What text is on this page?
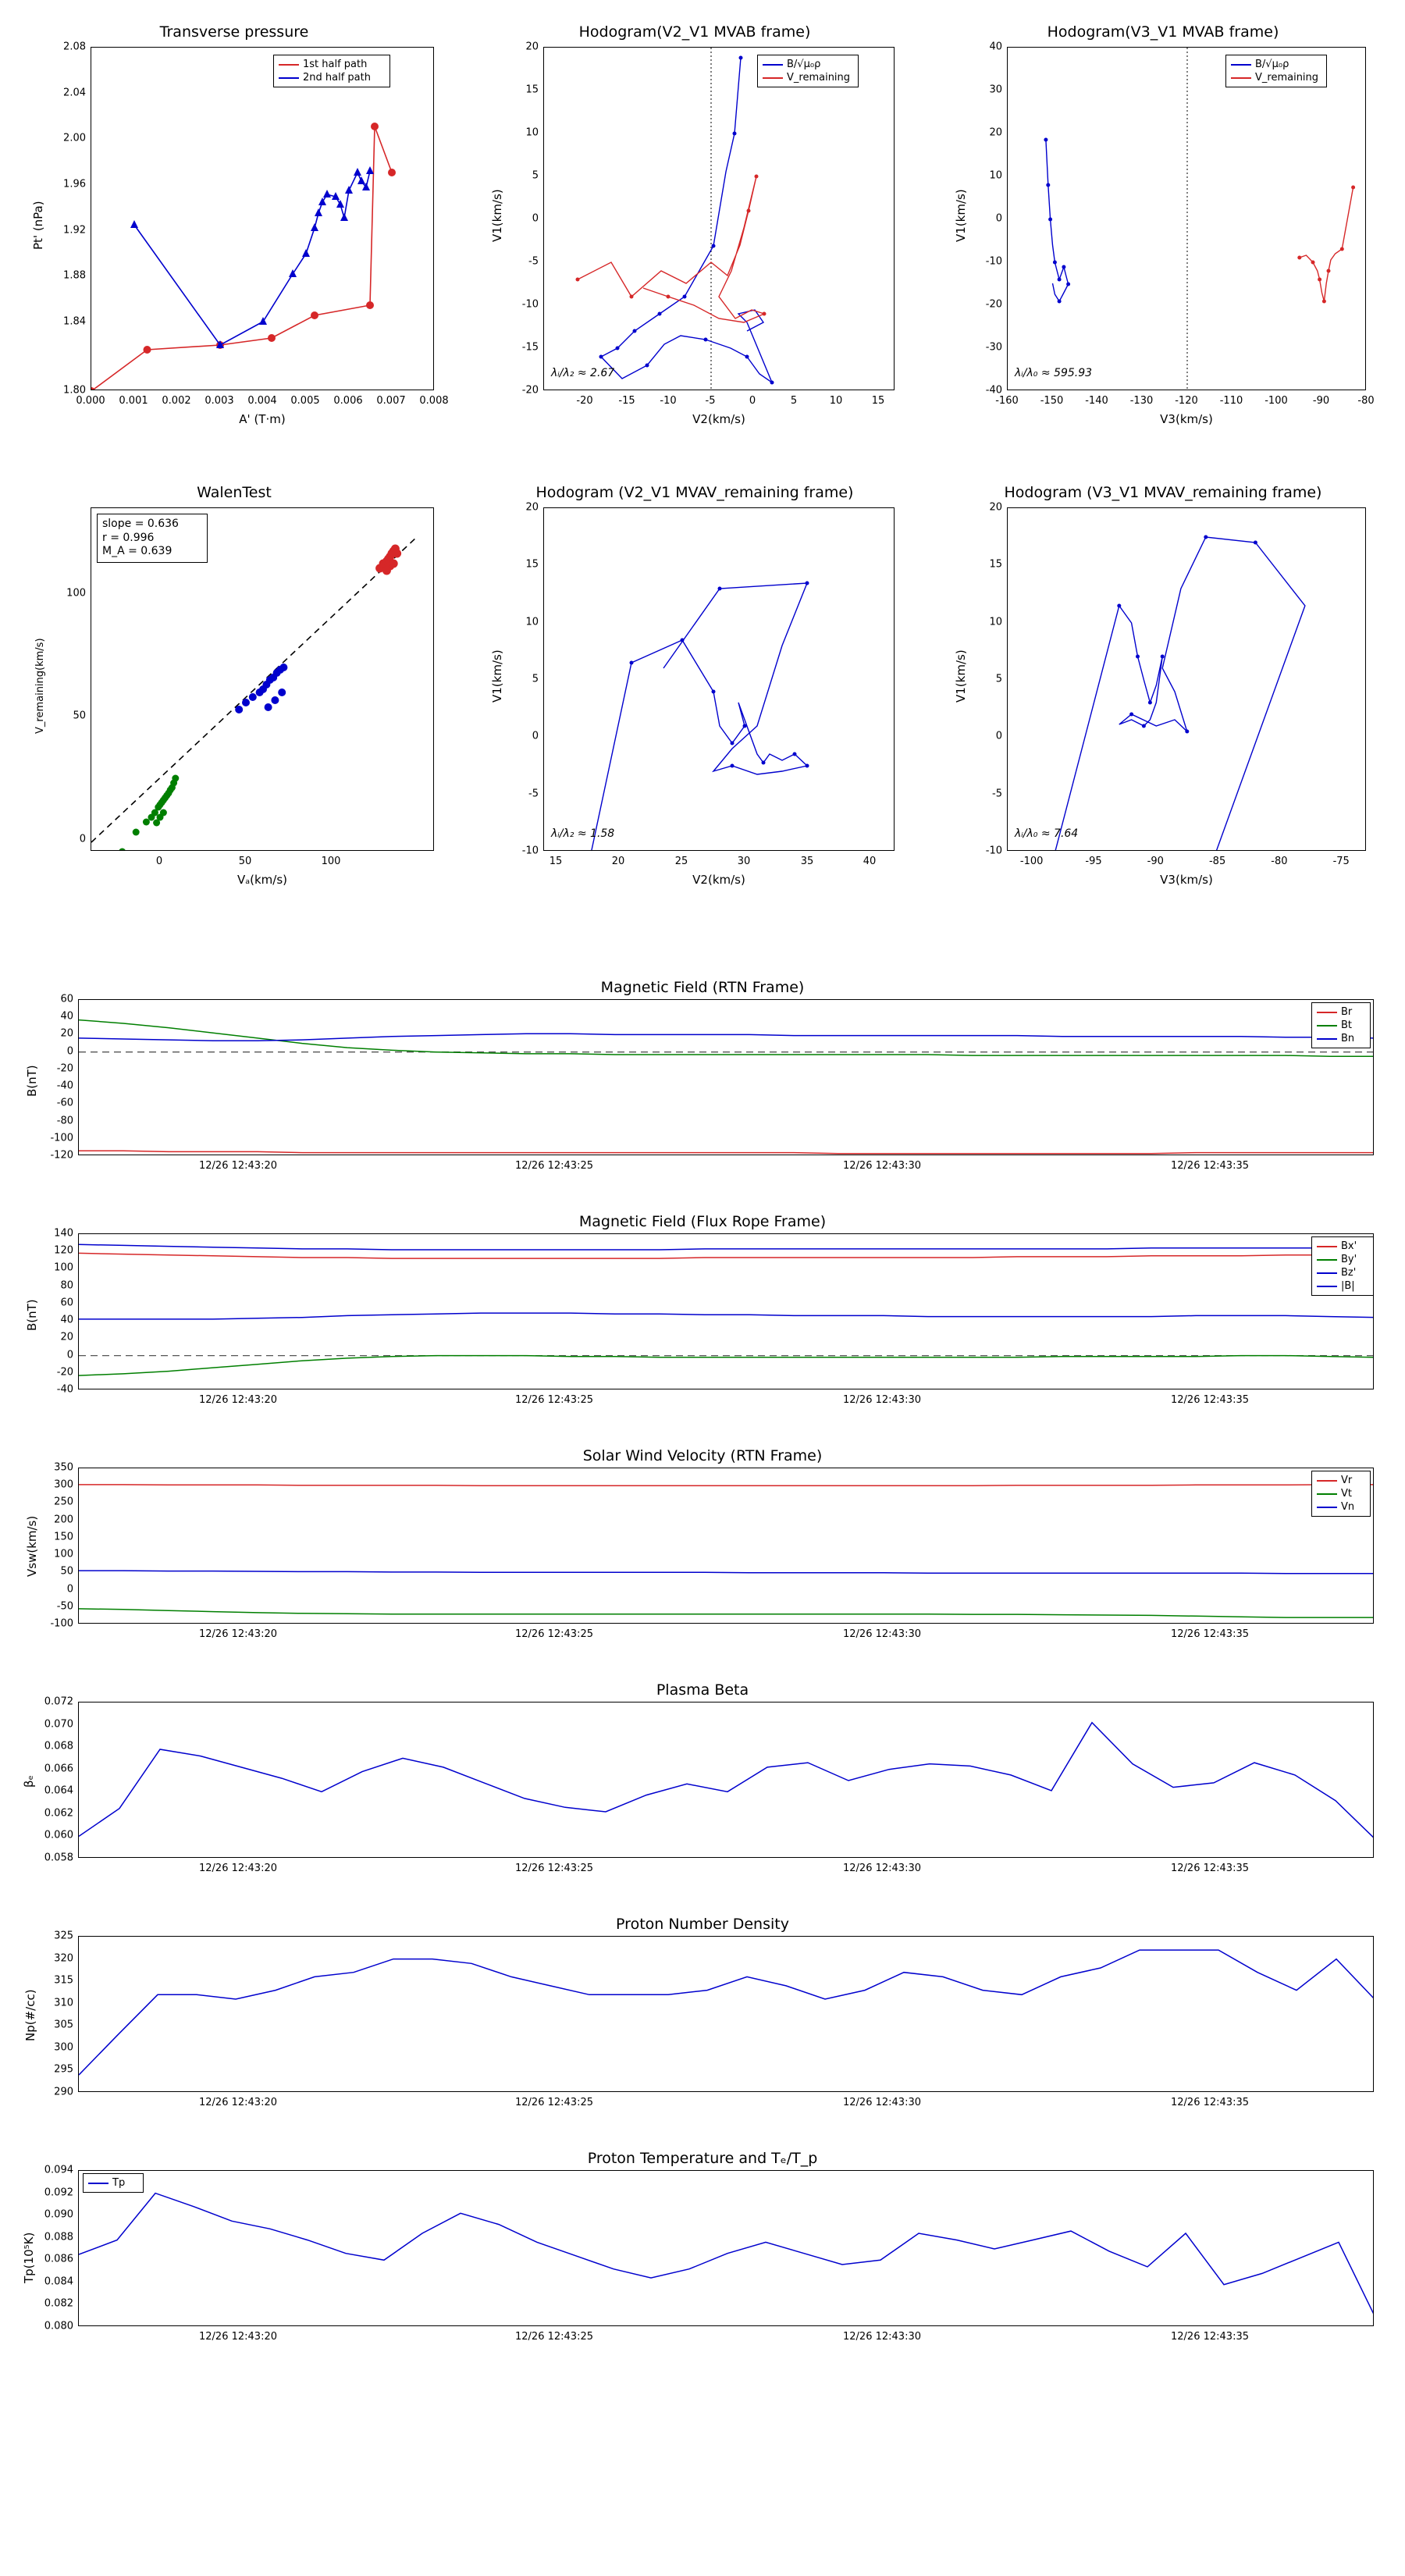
Transverse pressure
2.08
2.04
2.00
1.96
1.92
1.88
1.84
1.80
0.000 0.001 0.002 0.003 0.004 0.005 0.006 0.007 0.008
A' (T·m)
Pt' (nPa)
1st half path
2nd half path
Hodogram(V2_V1 MVAB frame)
20
15
10
5
0
-5
-10
-15
-20
-20	-15 -10	-5	0	5	10	15
V2(km/s)
V1(km/s)
λᵢ/λ₂ ≈ 2.67
B/√μ₀ρ
V_remaining
Hodogram(V3_V1 MVAB frame)
40
30
20
10
0
-10
-20
-30
-40
-160 -150 -140 -130 -120 -110 -100 -90	-80
V3(km/s)
V1(km/s)
λᵢ/λ₀ ≈ 595.93
B/√μ₀ρ
V_remaining
WalenTest
slope = 0.636
r = 0.996
M_A = 0.639
100
50
0
0	50	100
Vₐ(km/s)
V_remaining(km/s)
Hodogram (V2_V1 MVAV_remaining frame)
20
15
10
5
0
-5
-10
15	20	25	30	35	40
V2(km/s)
V1(km/s)
λᵢ/λ₂ ≈ 1.58
Hodogram (V3_V1 MVAV_remaining frame)
20
15
10
5
0
-5
-10
-100	-95	-90	-85	-80	-75
V3(km/s)
V1(km/s)
λᵢ/λ₀ ≈ 7.64
Magnetic Field (RTN Frame)
60
40
20
0
-20
-40
-60
-80
-100
-120
12/26 12:43:20	12/26 12:43:25	12/26 12:43:30	12/26 12:43:35
B(nT)
Br
Bt
Bn
Magnetic Field (Flux Rope Frame)
140
120
100
80
60
40
20
0
-20
-40
12/26 12:43:20	12/26 12:43:25	12/26 12:43:30	12/26 12:43:35
B(nT)
Bx'
By'
Bz'
|B|
Solar Wind Velocity (RTN Frame)
350
300
250
200
150
100
50
0
-50
-100
12/26 12:43:20	12/26 12:43:25	12/26 12:43:30	12/26 12:43:35
Vsw(km/s)
Vr
Vt
Vn
Plasma Beta
0.072
0.070
0.068
0.066
0.064
0.062
0.060
0.058
12/26 12:43:20	12/26 12:43:25	12/26 12:43:30	12/26 12:43:35
βₑ
Proton Number Density
325
320
315
310
305
300
295
290
12/26 12:43:20	12/26 12:43:25	12/26 12:43:30	12/26 12:43:35
Np(#/cc)
Proton Temperature and Tₑ/T_p
0.094
0.092
0.090
0.088
0.086
0.084
0.082
0.080
12/26 12:43:20	12/26 12:43:25	12/26 12:43:30	12/26 12:43:35
Tp(10⁵K)
Tp
